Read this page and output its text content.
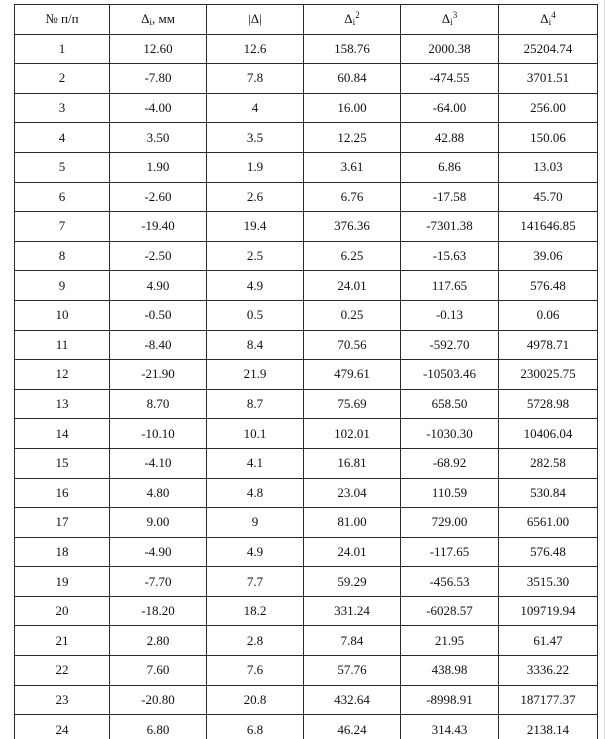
№ п/п	$\Delta_i$, мм	|Δ|	$\Delta_i^2$	$\Delta_i^3$	$\Delta_i^4$
1	12.60	12.6	158.76	2000.38	25204.74
2	-7.80	7.8	60.84	-474.55	3701.51
3	-4.00	4	16.00	-64.00	256.00
4	3.50	3.5	12.25	42.88	150.06
5	1.90	1.9	3.61	6.86	13.03
6	-2.60	2.6	6.76	-17.58	45.70
7	-19.40	19.4	376.36	-7301.38	141646.85
8	-2.50	2.5	6.25	-15.63	39.06
9	4.90	4.9	24.01	117.65	576.48
10	-0.50	0.5	0.25	-0.13	0.06
11	-8.40	8.4	70.56	-592.70	4978.71
12	-21.90	21.9	479.61	-10503.46	230025.75
13	8.70	8.7	75.69	658.50	5728.98
14	-10.10	10.1	102.01	-1030.30	10406.04
15	-4.10	4.1	16.81	-68.92	282.58
16	4.80	4.8	23.04	110.59	530.84
17	9.00	9	81.00	729.00	6561.00
18	-4.90	4.9	24.01	-117.65	576.48
19	-7.70	7.7	59.29	-456.53	3515.30
20	-18.20	18.2	331.24	-6028.57	109719.94
21	2.80	2.8	7.84	21.95	61.47
22	7.60	7.6	57.76	438.98	3336.22
23	-20.80	20.8	432.64	-8998.91	187177.37
24	6.80	6.8	46.24	314.43	2138.14
